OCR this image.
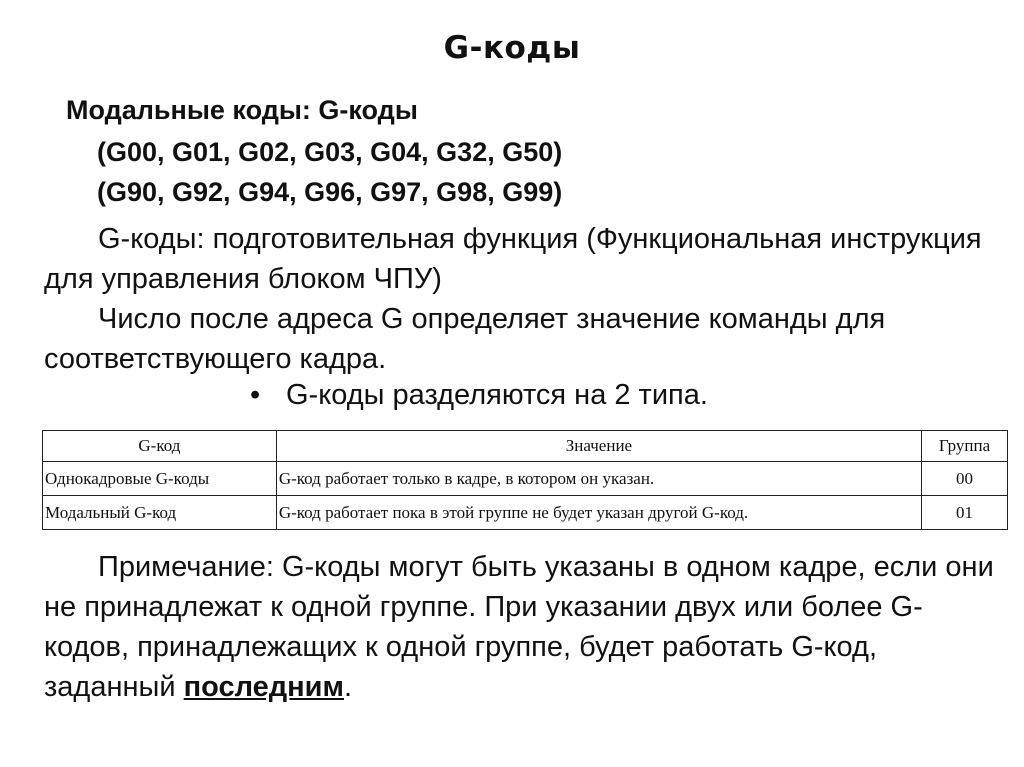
G-коды
Модальные коды: G-коды
(G00, G01, G02, G03, G04, G32, G50)
(G90, G92, G94, G96, G97, G98, G99)
G-коды: подготовительная функция (Функциональная инструкция для управления блоком ЧПУ)
Число после адреса G определяет значение команды для соответствующего кадра.
• G-коды разделяются на 2 типа.
G-код	Значение	Группа
Однокадровые G-коды	G-код работает только в кадре, в котором он указан.	00
Модальный G-код	G-код работает пока в этой группе не будет указан другой G-код.	01
Примечание: G-коды могут быть указаны в одном кадре, если они не принадлежат к одной группе. При указании двух или более G-кодов, принадлежащих к одной группе, будет работать G-код, заданный последним.
